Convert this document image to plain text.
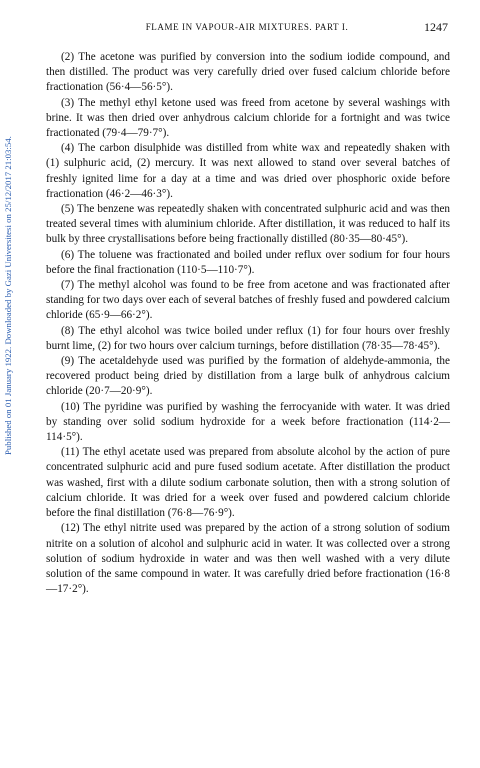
FLAME IN VAPOUR-AIR MIXTURES. PART I.	1247
Published on 01 January 1922. Downloaded by Gazi Universitesi on 25/12/2017 21:03:54.

(2) The acetone was purified by conversion into the sodium iodide compound, and then distilled. The product was very carefully dried over fused calcium chloride before fractionation (56·4—56·5°).

(3) The methyl ethyl ketone used was freed from acetone by several washings with brine. It was then dried over anhydrous calcium chloride for a fortnight and was twice fractionated (79·4—79·7°).

(4) The carbon disulphide was distilled from white wax and repeatedly shaken with (1) sulphuric acid, (2) mercury. It was next allowed to stand over several batches of freshly ignited lime for a day at a time and was dried over phosphoric oxide before fractionation (46·2—46·3°).

(5) The benzene was repeatedly shaken with concentrated sulphuric acid and was then treated several times with aluminium chloride. After distillation, it was reduced to half its bulk by three crystallisations before being fractionally distilled (80·35—80·45°).

(6) The toluene was fractionated and boiled under reflux over sodium for four hours before the final fractionation (110·5—110·7°).

(7) The methyl alcohol was found to be free from acetone and was fractionated after standing for two days over each of several batches of freshly fused and powdered calcium chloride (65·9—66·2°).

(8) The ethyl alcohol was twice boiled under reflux (1) for four hours over freshly burnt lime, (2) for two hours over calcium turnings, before distillation (78·35—78·45°).

(9) The acetaldehyde used was purified by the formation of aldehyde-ammonia, the recovered product being dried by distillation from a large bulk of anhydrous calcium chloride (20·7—20·9°).

(10) The pyridine was purified by washing the ferrocyanide with water. It was dried by standing over solid sodium hydroxide for a week before fractionation (114·2—114·5°).

(11) The ethyl acetate used was prepared from absolute alcohol by the action of pure concentrated sulphuric acid and pure fused sodium acetate. After distillation the product was washed, first with a dilute sodium carbonate solution, then with a strong solution of calcium chloride. It was dried for a week over fused and powdered calcium chloride before the final distillation (76·8—76·9°).

(12) The ethyl nitrite used was prepared by the action of a strong solution of sodium nitrite on a solution of alcohol and sulphuric acid in water. It was collected over a strong solution of sodium hydroxide in water and was then well washed with a very dilute solution of the same compound in water. It was carefully dried before fractionation (16·8—17·2°).
